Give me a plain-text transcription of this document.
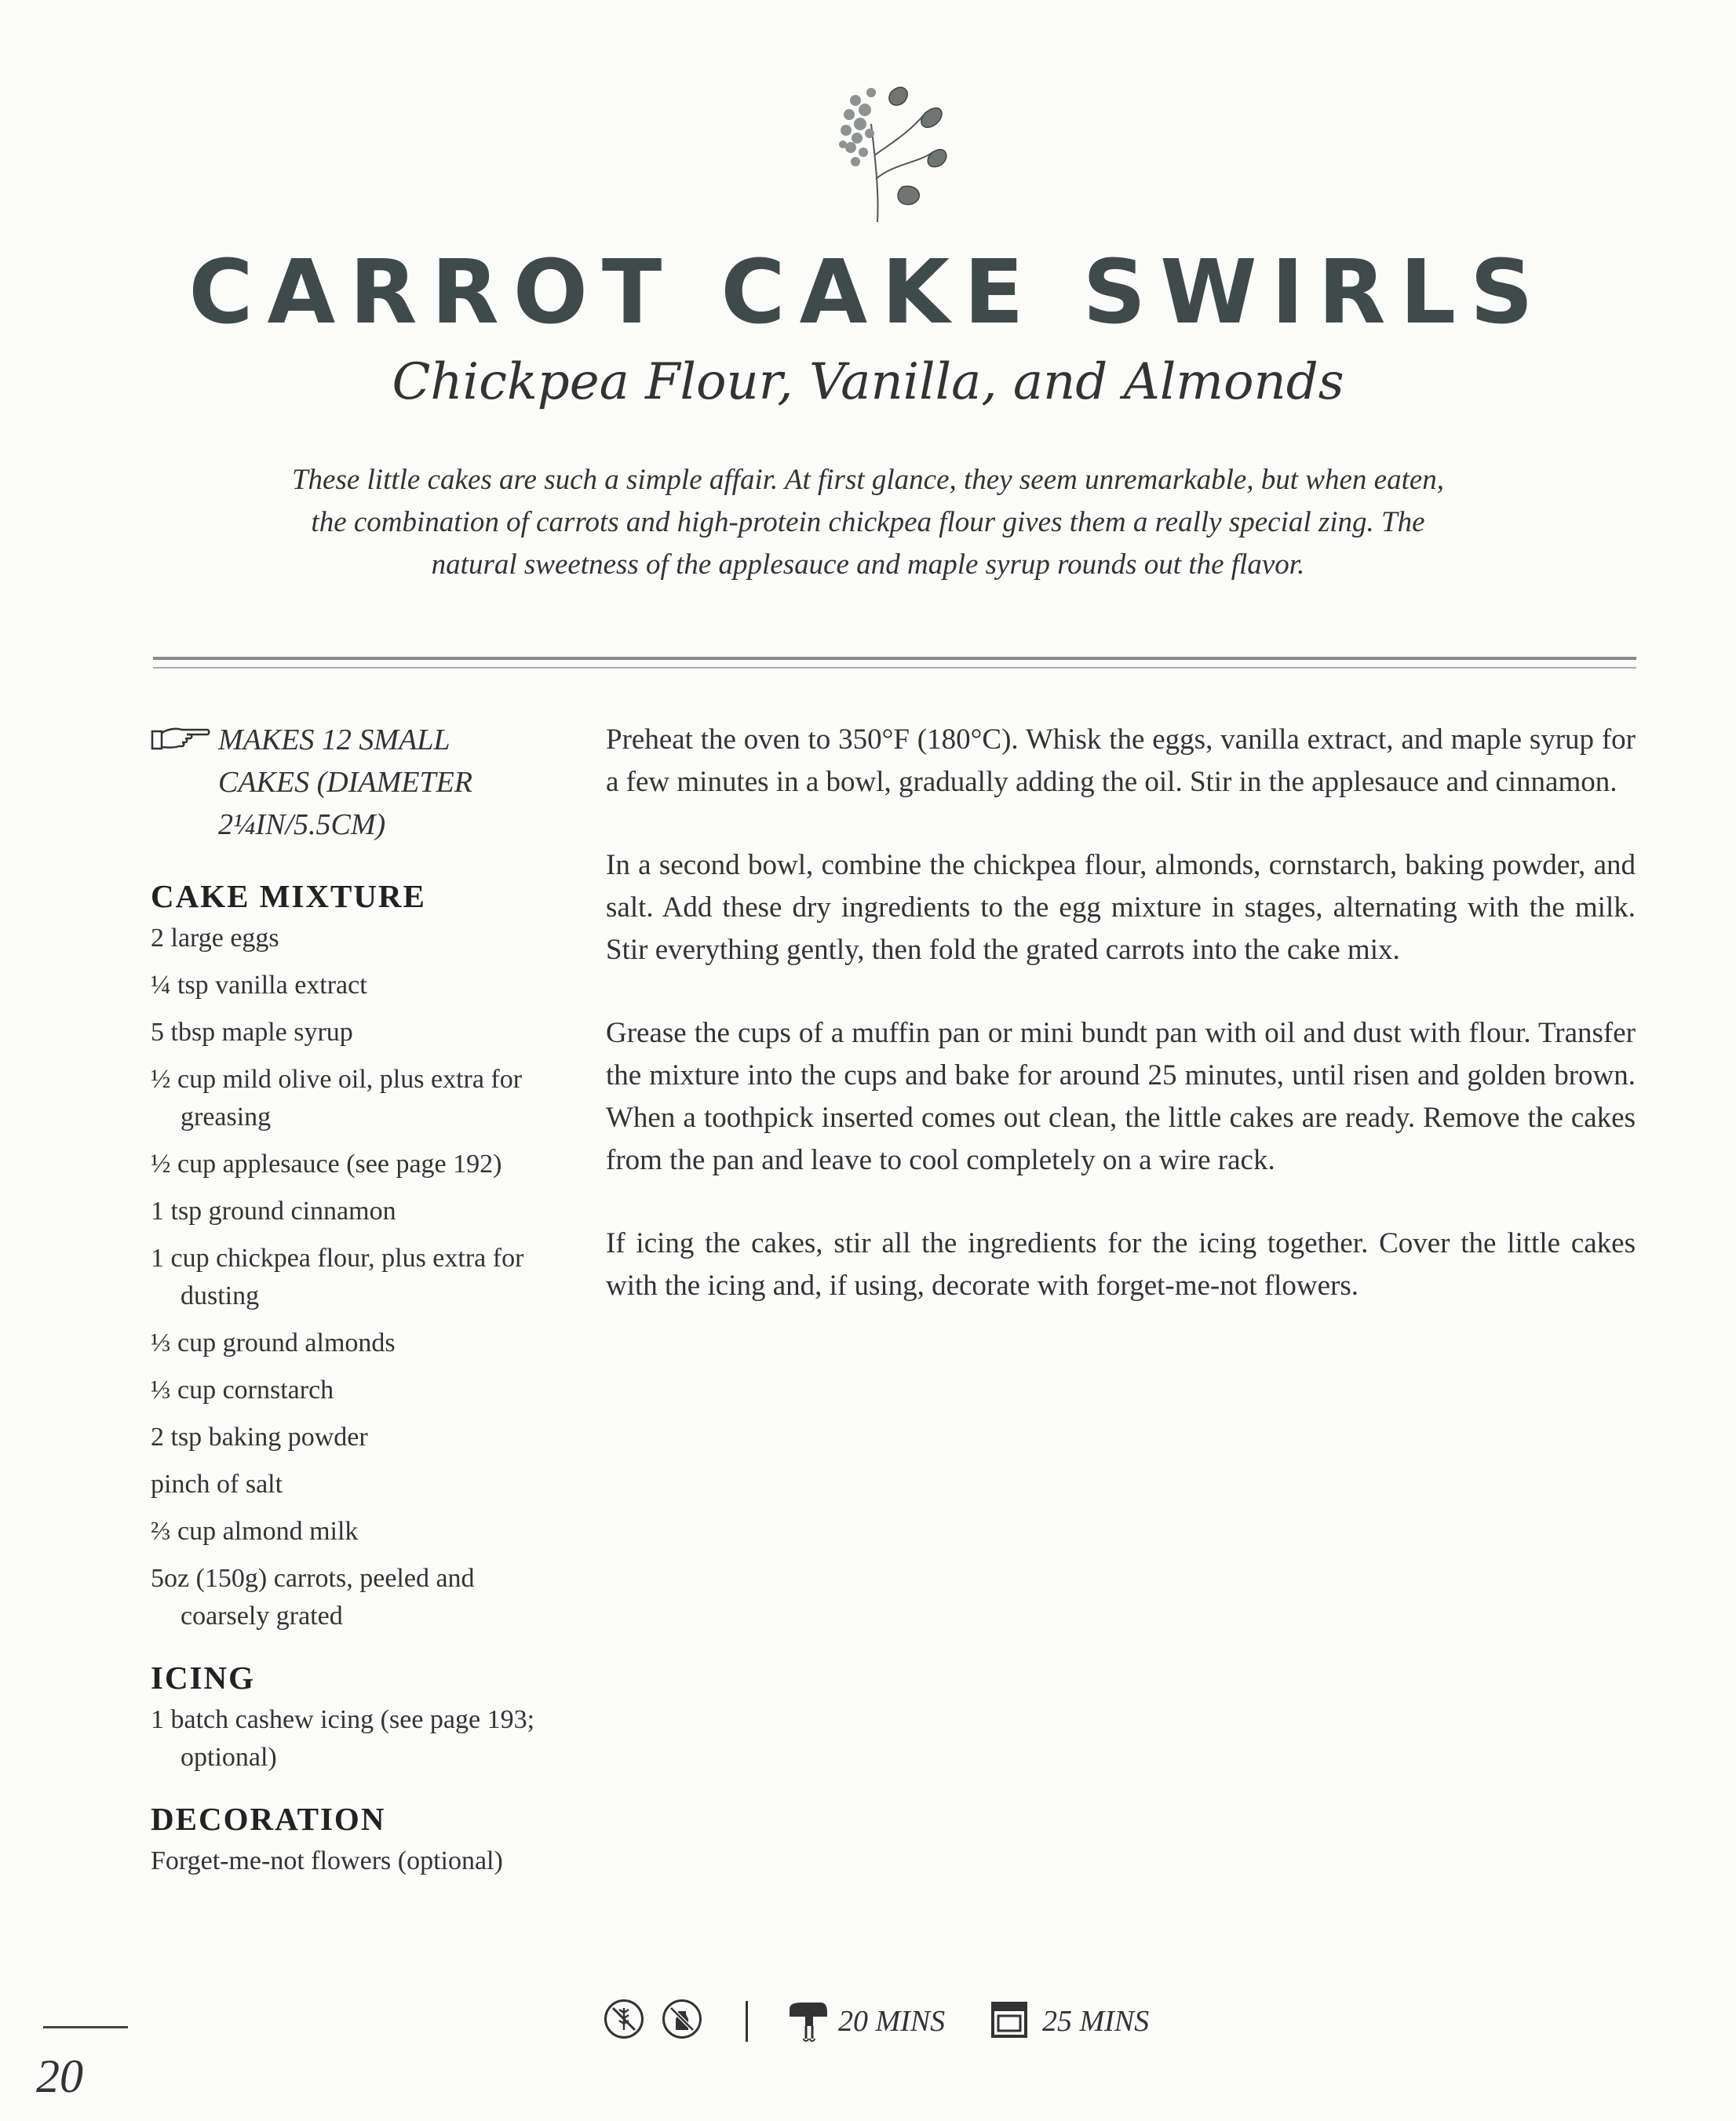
CARROT CAKE SWIRLS
Chickpea Flour, Vanilla, and Almonds
These little cakes are such a simple affair. At first glance, they seem unremarkable, but when eaten, the combination of carrots and high-protein chickpea flour gives them a really special zing. The natural sweetness of the applesauce and maple syrup rounds out the flavor.
MAKES 12 SMALL
CAKES (DIAMETER
2¼IN/5.5CM)
CAKE MIXTURE
2 large eggs
¼ tsp vanilla extract
5 tbsp maple syrup
½ cup mild olive oil, plus extra for greasing
½ cup applesauce (see page 192)
1 tsp ground cinnamon
1 cup chickpea flour, plus extra for dusting
⅓ cup ground almonds
⅓ cup cornstarch
2 tsp baking powder
pinch of salt
⅔ cup almond milk
5oz (150g) carrots, peeled and coarsely grated
ICING
1 batch cashew icing (see page 193; optional)
DECORATION
Forget-me-not flowers (optional)

Preheat the oven to 350°F (180°C). Whisk the eggs, vanilla extract, and maple syrup for a few minutes in a bowl, gradually adding the oil. Stir in the applesauce and cinnamon.

In a second bowl, combine the chickpea flour, almonds, cornstarch, baking powder, and salt. Add these dry ingredients to the egg mixture in stages, alternating with the milk. Stir everything gently, then fold the grated carrots into the cake mix.

Grease the cups of a muffin pan or mini bundt pan with oil and dust with flour. Transfer the mixture into the cups and bake for around 25 minutes, until risen and golden brown. When a toothpick inserted comes out clean, the little cakes are ready. Remove the cakes from the pan and leave to cool completely on a wire rack.

If icing the cakes, stir all the ingredients for the icing together. Cover the little cakes with the icing and, if using, decorate with forget-me-not flowers.

20 MINS	25 MINS
20
